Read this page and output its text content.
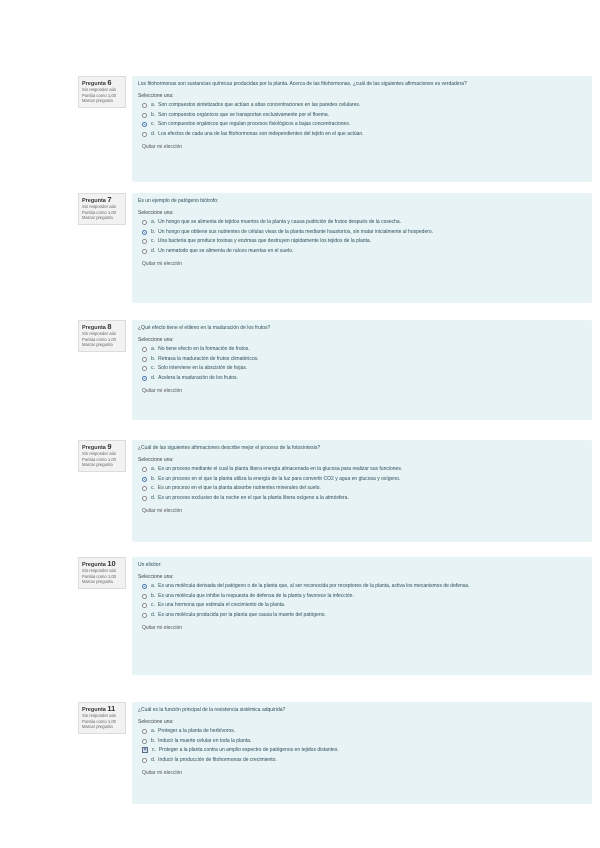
Pregunta 6
Sin responder aún
Puntúa como 1,00
Marcar pregunta
Los fitohormonas son sustancias químicas producidas por la planta. Acerca de las fitohormonas, ¿cuál de las siguientes afirmaciones es verdadera?
Seleccione una:
a. Son compuestos sintetizados que actúan a altas concentraciones en las paredes celulares.
b. Son compuestos orgánicos que se transportan exclusivamente por el floema.
c. Son compuestos orgánicos que regulan procesos fisiológicos a bajas concentraciones.
d. Los efectos de cada una de las fitohormonas son independientes del tejido en el que actúan.
Quitar mi elección
Pregunta 7
Sin responder aún
Puntúa como 1,00
Marcar pregunta
Es un ejemplo de patógeno biótrofo:
Seleccione una:
a. Un hongo que se alimenta de tejidos muertos de la planta y causa pudrición de frutos después de la cosecha.
b. Un hongo que obtiene sus nutrientes de células vivas de la planta mediante haustorios, sin matar inicialmente al hospedero.
c. Una bacteria que produce toxinas y enzimas que destruyen rápidamente los tejidos de la planta.
d. Un nematodo que se alimenta de raíces muertas en el suelo.
Quitar mi elección
Pregunta 8
Sin responder aún
Puntúa como 1,00
Marcar pregunta
¿Qué efecto tiene el etileno en la maduración de los frutos?
Seleccione una:
a. No tiene efecto en la formación de frutos.
b. Retrasa la maduración de frutos climatéricos.
c. Solo interviene en la abscisión de hojas.
d. Acelera la maduración de los frutos.
Quitar mi elección
Pregunta 9
Sin responder aún
Puntúa como 1,00
Marcar pregunta
¿Cuál de las siguientes afirmaciones describe mejor el proceso de la fotosíntesis?
Seleccione una:
a. Es un proceso mediante el cual la planta libera energía almacenada en la glucosa para realizar sus funciones.
b. Es un proceso en el que la planta utiliza la energía de la luz para convertir CO2 y agua en glucosa y oxígeno.
c. Es un proceso en el que la planta absorbe nutrientes minerales del suelo.
d. Es un proceso exclusivo de la noche en el que la planta libera oxígeno a la atmósfera.
Quitar mi elección
Pregunta 10
Sin responder aún
Puntúa como 1,00
Marcar pregunta
Un elicitor:
Seleccione una:
a. Es una molécula derivada del patógeno o de la planta que, al ser reconocida por receptores de la planta, activa los mecanismos de defensa.
b. Es una molécula que inhibe la respuesta de defensa de la planta y favorece la infección.
c. Es una hormona que estimula el crecimiento de la planta.
d. Es una molécula producida por la planta que causa la muerte del patógeno.
Quitar mi elección
Pregunta 11
Sin responder aún
Puntúa como 1,00
Marcar pregunta
¿Cuál es la función principal de la resistencia sistémica adquirida?
Seleccione una:
a. Proteger a la planta de herbívoros.
b. Inducir la muerte celular en toda la planta.
✕ c. Proteger a la planta contra un amplio espectro de patógenos en tejidos distantes.
d. Inducir la producción de fitohormonas de crecimiento.
Quitar mi elección
